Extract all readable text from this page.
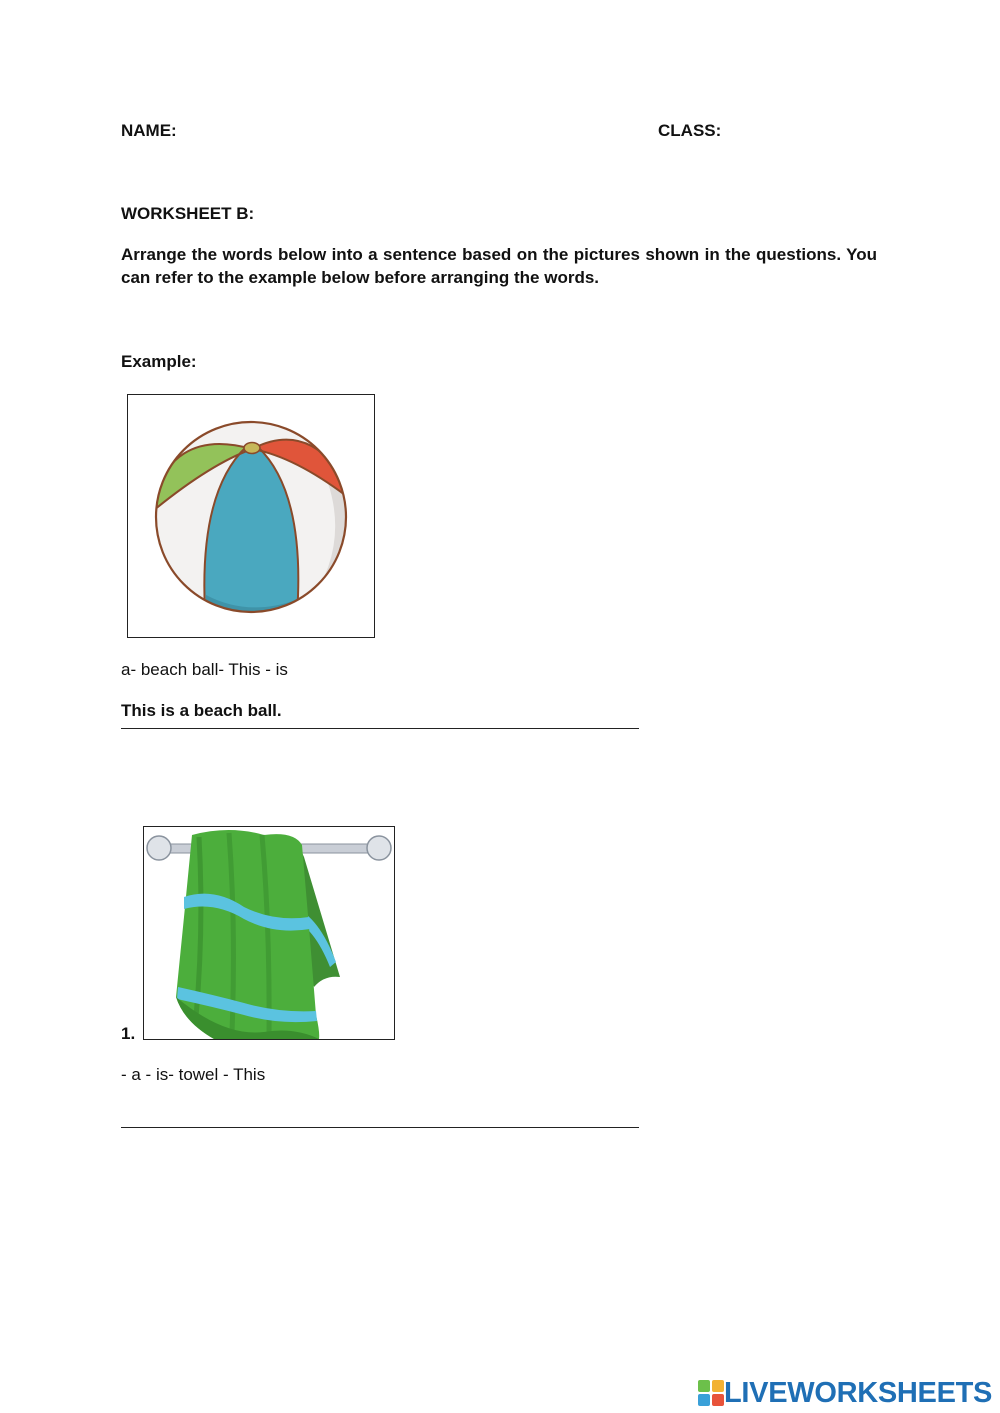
NAME:	CLASS:
WORKSHEET B:
Arrange the words below into a sentence based on the pictures shown in the questions. You can refer to the example below before arranging the words.
Example:
a- beach ball- This - is
This is a beach ball.
1.
- a - is- towel - This
LIVEWORKSHEETS
